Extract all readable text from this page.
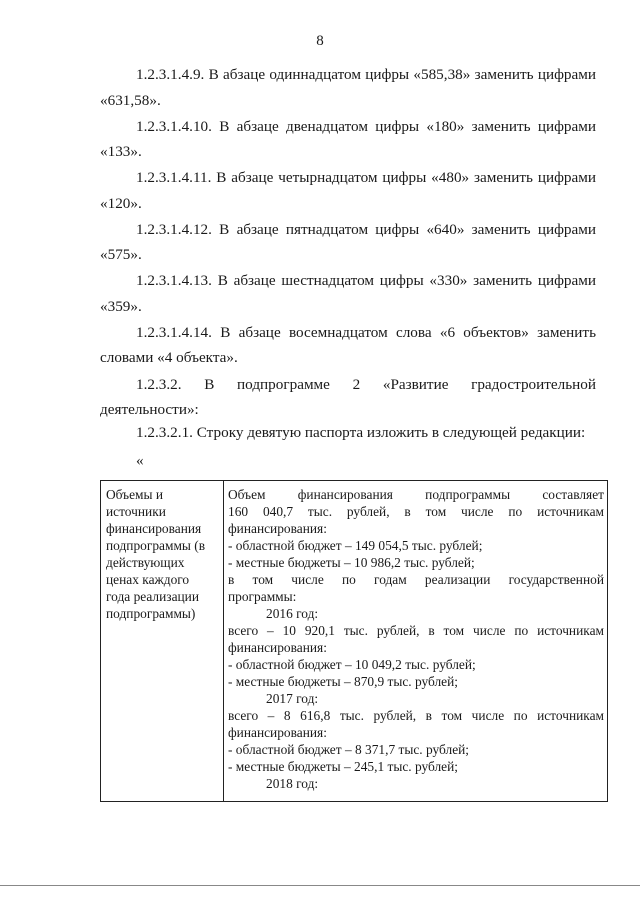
8
1.2.3.1.4.9. В абзаце одиннадцатом цифры «585,38» заменить цифрами
«631,58».
1.2.3.1.4.10. В абзаце двенадцатом цифры «180» заменить цифрами
«133».
1.2.3.1.4.11. В абзаце четырнадцатом цифры «480» заменить цифрами
«120».
1.2.3.1.4.12. В абзаце пятнадцатом цифры «640» заменить цифрами
«575».
1.2.3.1.4.13. В абзаце шестнадцатом цифры «330» заменить цифрами
«359».
1.2.3.1.4.14. В абзаце восемнадцатом слова «6 объектов» заменить
словами «4 объекта».
1.2.3.2. В подпрограмме 2 «Развитие градостроительной
деятельности»:
1.2.3.2.1. Строку девятую паспорта изложить в следующей редакции:
«
Объемы и
источники
финансирования
подпрограммы (в
действующих
ценах каждого
года реализации
подпрограммы)
Объем финансирования подпрограммы составляет
160 040,7 тыс. рублей, в том числе по источникам
финансирования:
- областной бюджет – 149 054,5 тыс. рублей;
- местные бюджеты – 10 986,2 тыс. рублей;
в том числе по годам реализации государственной
программы:
2016 год:
всего – 10 920,1 тыс. рублей, в том числе по источникам
финансирования:
- областной бюджет – 10 049,2 тыс. рублей;
- местные бюджеты – 870,9 тыс. рублей;
2017 год:
всего – 8 616,8 тыс. рублей, в том числе по источникам
финансирования:
- областной бюджет – 8 371,7 тыс. рублей;
- местные бюджеты – 245,1 тыс. рублей;
2018 год:
